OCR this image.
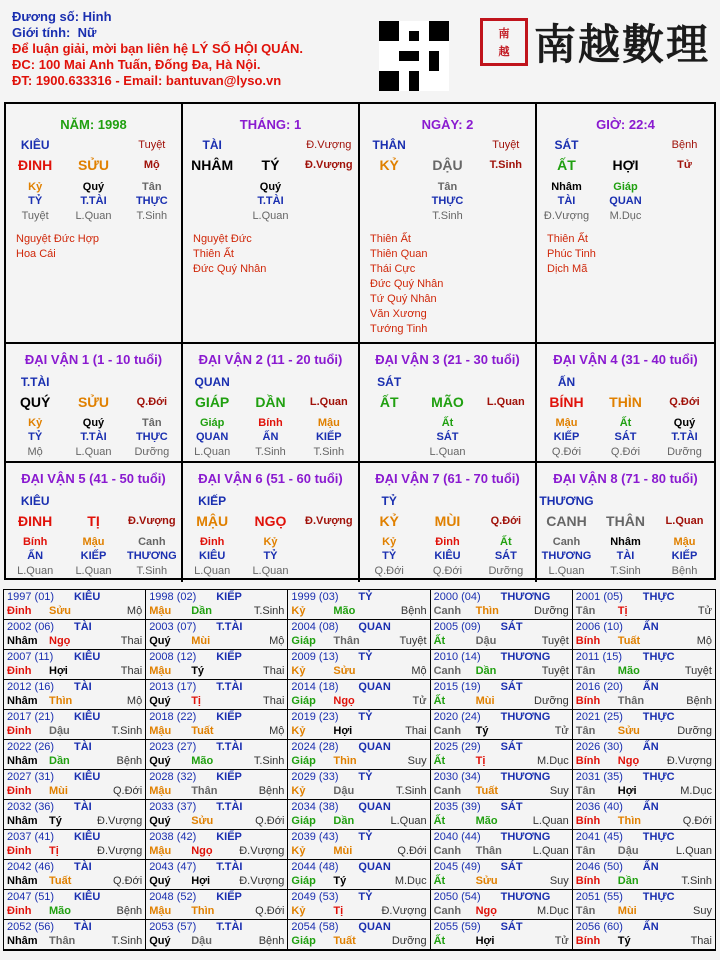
Đương số: Hinh
Giới tính: Nữ
Để luận giải, mời bạn liên hệ LÝ SỐ HỘI QUÁN.
ĐC: 100 Mai Anh Tuấn, Đống Đa, Hà Nội.
ĐT: 1900.633316 - Email: bantuvan@lyso.vn
南
越 南越數理
NĂM: 1998
KIÊU	Tuyệt
ĐINH	SỬU	Mộ
Kỷ	Quý	Tân
TỶ	T.TÀI	THỰC
Tuyệt	L.Quan	T.Sinh
Nguyệt Đức Hợp
Hoa Cái
THÁNG: 1
TÀI	Đ.Vượng
NHÂM	TÝ	Đ.Vượng
Quý
T.TÀI
L.Quan
Nguyệt Đức
Thiên Ất
Đức Quý Nhân
NGÀY: 2
THÂN	Tuyệt
KỶ	DẬU	T.Sinh
Tân
THỰC
T.Sinh
Thiên Ất
Thiên Quan
Thái Cực
Đức Quý Nhân
Tứ Quý Nhân
Văn Xương
Tướng Tinh
GIỜ: 22:4
SÁT	Bệnh
ẤT	HỢI	Tử
Nhâm	Giáp
TÀI	QUAN
Đ.Vượng	M.Dục
Thiên Ất
Phúc Tinh
Dịch Mã
ĐẠI VẬN 1 (1 - 10 tuổi)
T.TÀI
QUÝ	SỬU	Q.Đới
Kỷ	Quý	Tân
TỶ	T.TÀI	THỰC
Mộ	L.Quan	Dưỡng
ĐẠI VẬN 2 (11 - 20 tuổi)
QUAN
GIÁP	DẦN	L.Quan
Giáp	Bính	Mậu
QUAN	ẤN	KIẾP
L.Quan	T.Sinh	T.Sinh
ĐẠI VẬN 3 (21 - 30 tuổi)
SÁT
ẤT	MÃO	L.Quan
Ất
SÁT
L.Quan
ĐẠI VẬN 4 (31 - 40 tuổi)
ẤN
BÍNH	THÌN	Q.Đới
Mậu	Ất	Quý
KIẾP	SÁT	T.TÀI
Q.Đới	Q.Đới	Dưỡng
ĐẠI VẬN 5 (41 - 50 tuổi)
KIÊU
ĐINH	TỊ	Đ.Vượng
Bính	Mậu	Canh
ẤN	KIẾP	THƯƠNG
L.Quan	L.Quan	T.Sinh
ĐẠI VẬN 6 (51 - 60 tuổi)
KIẾP
MẬU	NGỌ	Đ.Vượng
Đinh	Kỷ
KIÊU	TỶ
L.Quan	L.Quan
ĐẠI VẬN 7 (61 - 70 tuổi)
TỶ
KỶ	MÙI	Q.Đới
Kỷ	Đinh	Ất
TỶ	KIÊU	SÁT
Q.Đới	Q.Đới	Dưỡng
ĐẠI VẬN 8 (71 - 80 tuổi)
THƯƠNG
CANH	THÂN	L.Quan
Canh	Nhâm	Mậu
THƯƠNG	TÀI	KIẾP
L.Quan	T.Sinh	Bệnh
1997 (01) KIÊU
Đinh Sửu	Mộ
1998 (02) KIẾP
Mậu Dần	T.Sinh
1999 (03) TỶ
Kỷ	Mão	Bệnh
2000 (04) THƯƠNG
Canh Thìn	Dưỡng
2001 (05) THỰC
Tân Tị	Tử
2002 (06) TÀI
Nhâm Ngọ	Thai
2003 (07) T.TÀI
Quý Mùi	Mộ
2004 (08) QUAN
Giáp Thân	Tuyệt
2005 (09) SÁT
Ất	Dậu	Tuyệt
2006 (10) ẤN
Bính Tuất	Mộ
2007 (11) KIÊU
Đinh Hợi	Thai
2008 (12) KIẾP
Mậu Tý	Thai
2009 (13) TỶ
Kỷ	Sửu	Mộ
2010 (14) THƯƠNG
Canh Dần	Tuyệt
2011 (15) THỰC
Tân Mão	Tuyệt
2012 (16) TÀI
Nhâm Thìn	Mộ
2013 (17) T.TÀI
Quý Tị	Thai
2014 (18) QUAN
Giáp Ngọ	Tử
2015 (19) SÁT
Ất	Mùi	Dưỡng
2016 (20) ẤN
Bính Thân	Bệnh
2017 (21) KIÊU
Đinh Dậu	T.Sinh
2018 (22) KIẾP
Mậu Tuất	Mộ
2019 (23) TỶ
Kỷ	Hợi	Thai
2020 (24) THƯƠNG
Canh Tý	Tử
2021 (25) THỰC
Tân Sửu	Dưỡng
2022 (26) TÀI
Nhâm Dần	Bệnh
2023 (27) T.TÀI
Quý Mão	T.Sinh
2024 (28) QUAN
Giáp Thìn	Suy
2025 (29) SÁT
Ất	Tị	M.Dục
2026 (30) ẤN
Bính Ngọ	Đ.Vượng
2027 (31) KIÊU
Đinh Mùi	Q.Đới
2028 (32) KIẾP
Mậu Thân	Bệnh
2029 (33) TỶ
Kỷ	Dậu	T.Sinh
2030 (34) THƯƠNG
Canh Tuất	Suy
2031 (35) THỰC
Tân Hợi	M.Dục
2032 (36) TÀI
Nhâm Tý	Đ.Vượng
2033 (37) T.TÀI
Quý Sửu	Q.Đới
2034 (38) QUAN
Giáp Dần	L.Quan
2035 (39) SÁT
Ất	Mão	L.Quan
2036 (40) ẤN
Bính Thìn	Q.Đới
2037 (41) KIÊU
Đinh Tị	Đ.Vượng
2038 (42) KIẾP
Mậu Ngọ Đ.Vượng
2039 (43) TỶ
Kỷ	Mùi	Q.Đới
2040 (44) THƯƠNG
Canh Thân	L.Quan
2041 (45) THỰC
Tân Dậu	L.Quan
2042 (46) TÀI
Nhâm Tuất	Q.Đới
2043 (47) T.TÀI
Quý Hợi	Đ.Vượng
2044 (48) QUAN
Giáp Tý	M.Dục
2045 (49) SÁT
Ất	Sửu	Suy
2046 (50) ẤN
Bính Dần	T.Sinh
2047 (51) KIÊU
Đinh Mão	Bệnh
2048 (52) KIẾP
Mậu Thìn	Q.Đới
2049 (53) TỶ
Kỷ	Tị	Đ.Vượng
2050 (54) THƯƠNG
Canh Ngọ	M.Dục
2051 (55) THỰC
Tân Mùi	Suy
2052 (56) TÀI
Nhâm Thân	T.Sinh
2053 (57) T.TÀI
Quý Dậu	Bệnh
2054 (58) QUAN
Giáp Tuất	Dưỡng
2055 (59) SÁT
Ất	Hợi	Tử
2056 (60) ẤN
Bính Tý	Thai
